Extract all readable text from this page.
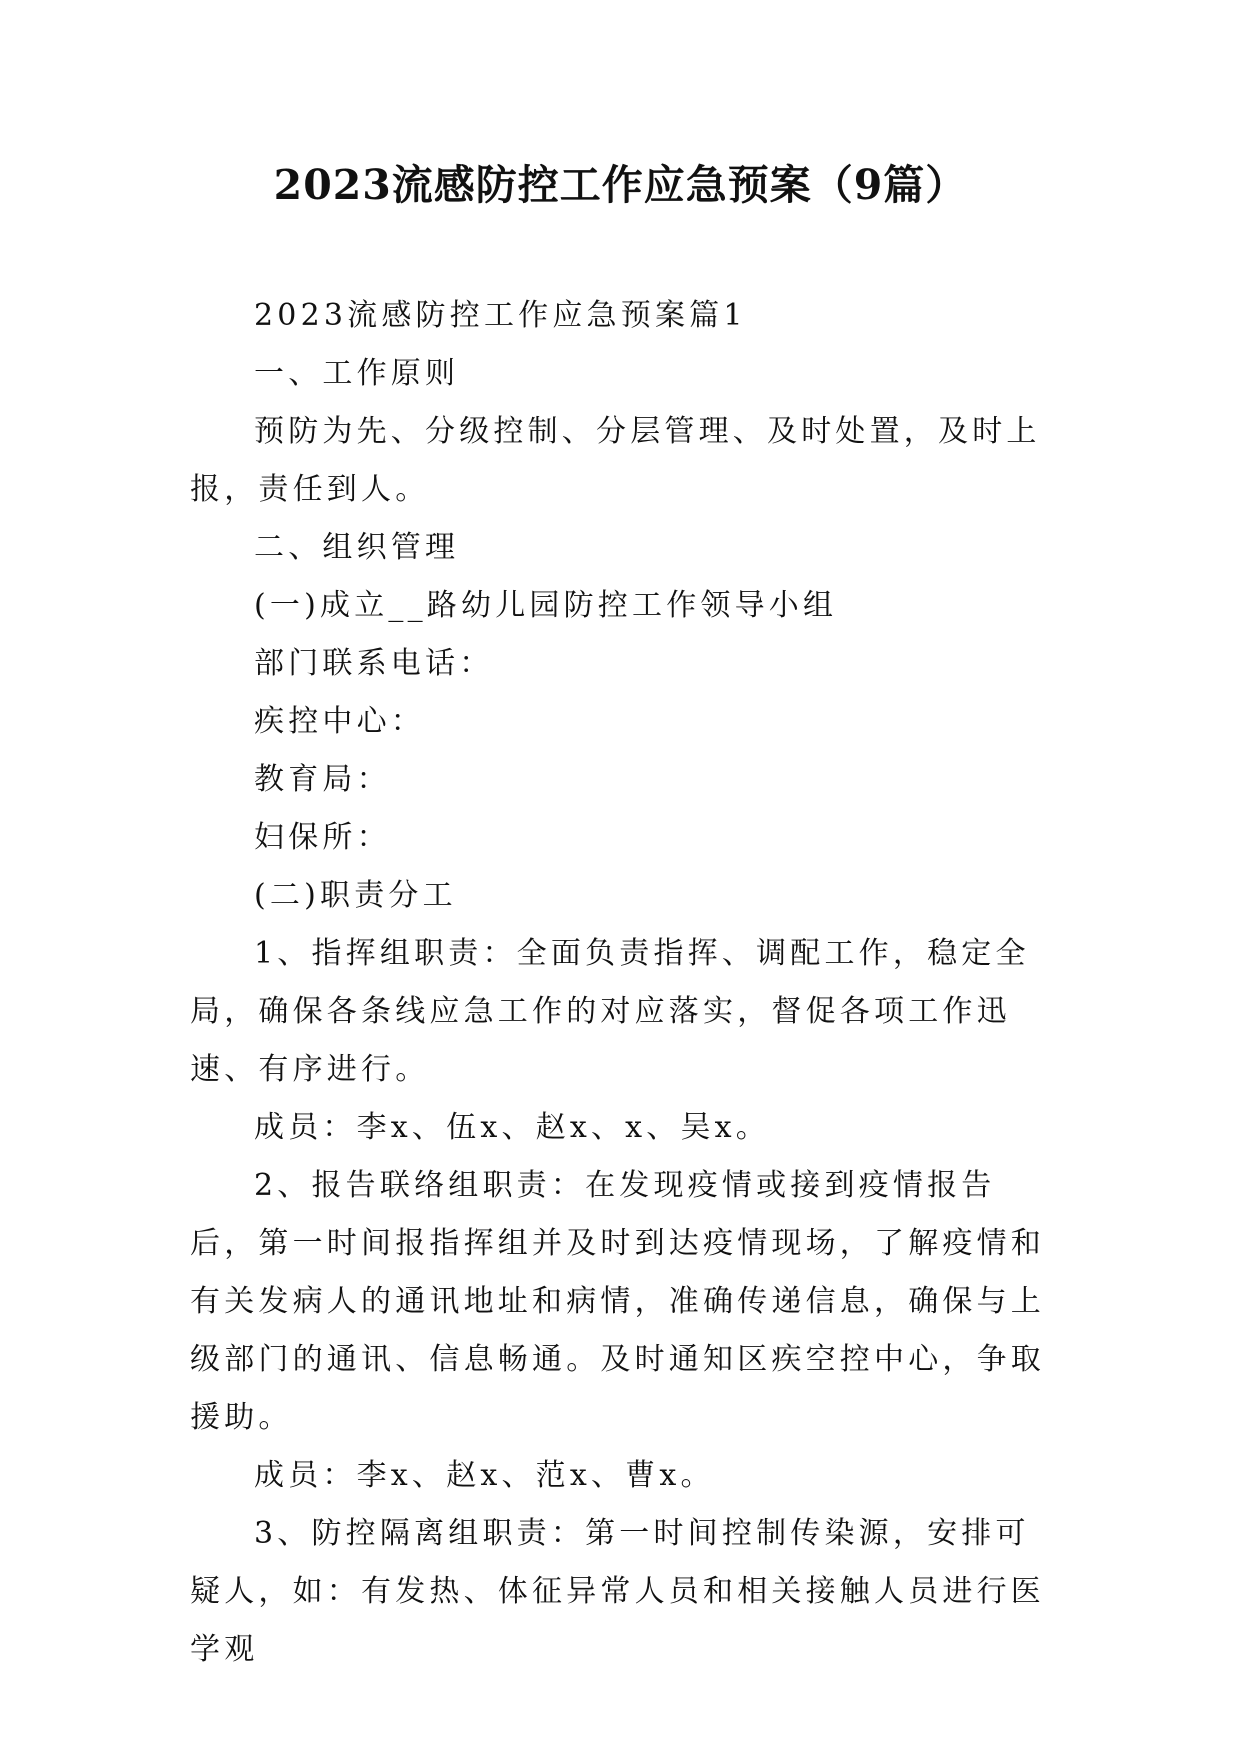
2023流感防控工作应急预案（9篇）

2023流感防控工作应急预案篇1

一、工作原则

预防为先、分级控制、分层管理、及时处置，及时上报，责任到人。

二、组织管理

(一)成立__路幼儿园防控工作领导小组

部门联系电话：

疾控中心：

教育局：

妇保所：

(二)职责分工

1、指挥组职责：全面负责指挥、调配工作，稳定全局，确保各条线应急工作的对应落实，督促各项工作迅速、有序进行。

成员：李x、伍x、赵x、x、吴x。

2、报告联络组职责：在发现疫情或接到疫情报告后，第一时间报指挥组并及时到达疫情现场，了解疫情和有关发病人的通讯地址和病情，准确传递信息，确保与上级部门的通讯、信息畅通。及时通知区疾空控中心，争取援助。

成员：李x、赵x、范x、曹x。

3、防控隔离组职责：第一时间控制传染源，安排可疑人，如：有发热、体征异常人员和相关接触人员进行医学观
